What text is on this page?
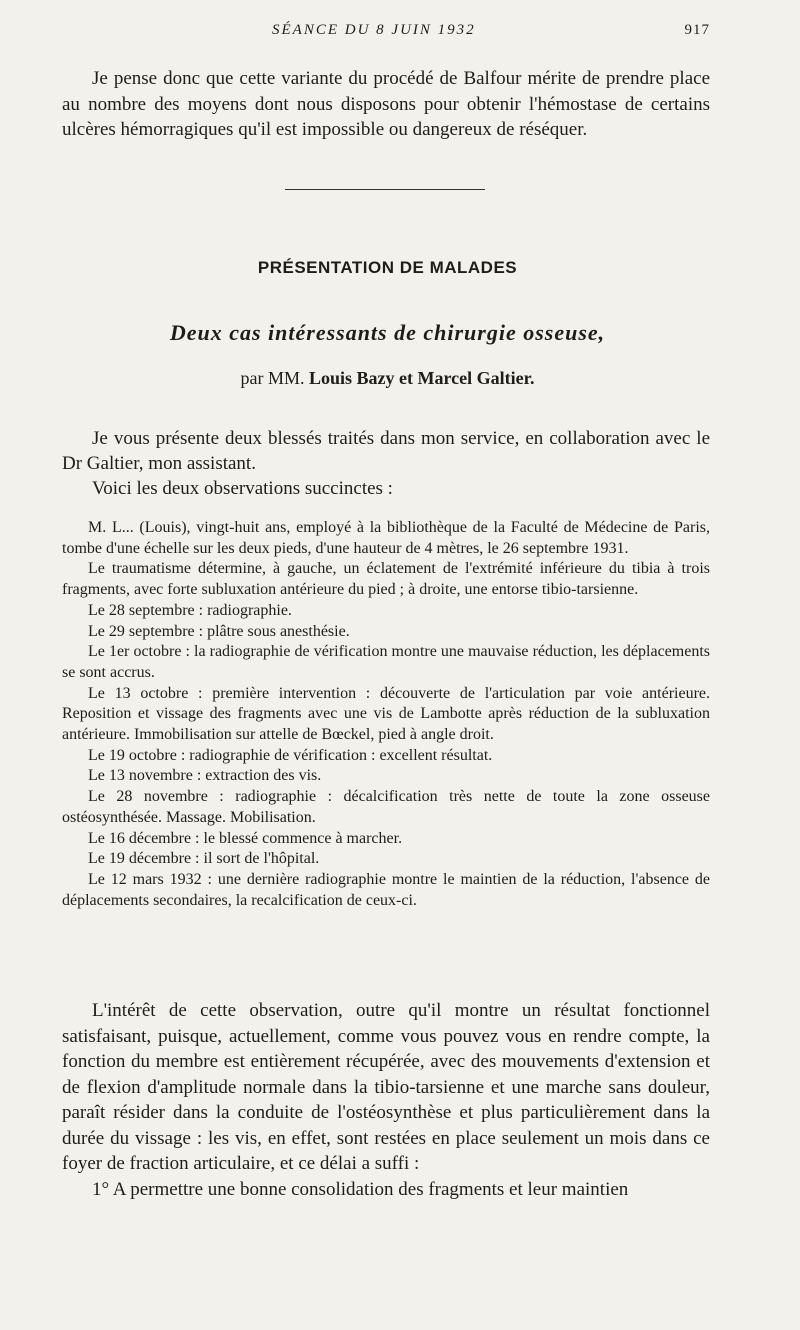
SÉANCE DU 8 JUIN 1932	917

Je pense donc que cette variante du procédé de Balfour mérite de prendre place au nombre des moyens dont nous disposons pour obtenir l'hémostase de certains ulcères hémorragiques qu'il est impossible ou dangereux de réséquer.

PRÉSENTATION DE MALADES
Deux cas intéressants de chirurgie osseuse,
par MM. Louis Bazy et Marcel Galtier.

Je vous présente deux blessés traités dans mon service, en collaboration avec le Dr Galtier, mon assistant.

Voici les deux observations succinctes :

M. L... (Louis), vingt-huit ans, employé à la bibliothèque de la Faculté de Médecine de Paris, tombe d'une échelle sur les deux pieds, d'une hauteur de 4 mètres, le 26 septembre 1931.

Le traumatisme détermine, à gauche, un éclatement de l'extrémité inférieure du tibia à trois fragments, avec forte subluxation antérieure du pied ; à droite, une entorse tibio-tarsienne.

Le 28 septembre : radiographie.

Le 29 septembre : plâtre sous anesthésie.

Le 1er octobre : la radiographie de vérification montre une mauvaise réduction, les déplacements se sont accrus.

Le 13 octobre : première intervention : découverte de l'articulation par voie antérieure. Reposition et vissage des fragments avec une vis de Lambotte après réduction de la subluxation antérieure. Immobilisation sur attelle de Bœckel, pied à angle droit.

Le 19 octobre : radiographie de vérification : excellent résultat.

Le 13 novembre : extraction des vis.

Le 28 novembre : radiographie : décalcification très nette de toute la zone osseuse ostéosynthésée. Massage. Mobilisation.

Le 16 décembre : le blessé commence à marcher.

Le 19 décembre : il sort de l'hôpital.

Le 12 mars 1932 : une dernière radiographie montre le maintien de la réduction, l'absence de déplacements secondaires, la recalcification de ceux-ci.

L'intérêt de cette observation, outre qu'il montre un résultat fonctionnel satisfaisant, puisque, actuellement, comme vous pouvez vous en rendre compte, la fonction du membre est entièrement récupérée, avec des mouvements d'extension et de flexion d'amplitude normale dans la tibio-tarsienne et une marche sans douleur, paraît résider dans la conduite de l'ostéosynthèse et plus particulièrement dans la durée du vissage : les vis, en effet, sont restées en place seulement un mois dans ce foyer de fraction articulaire, et ce délai a suffi :

1° A permettre une bonne consolidation des fragments et leur maintien
